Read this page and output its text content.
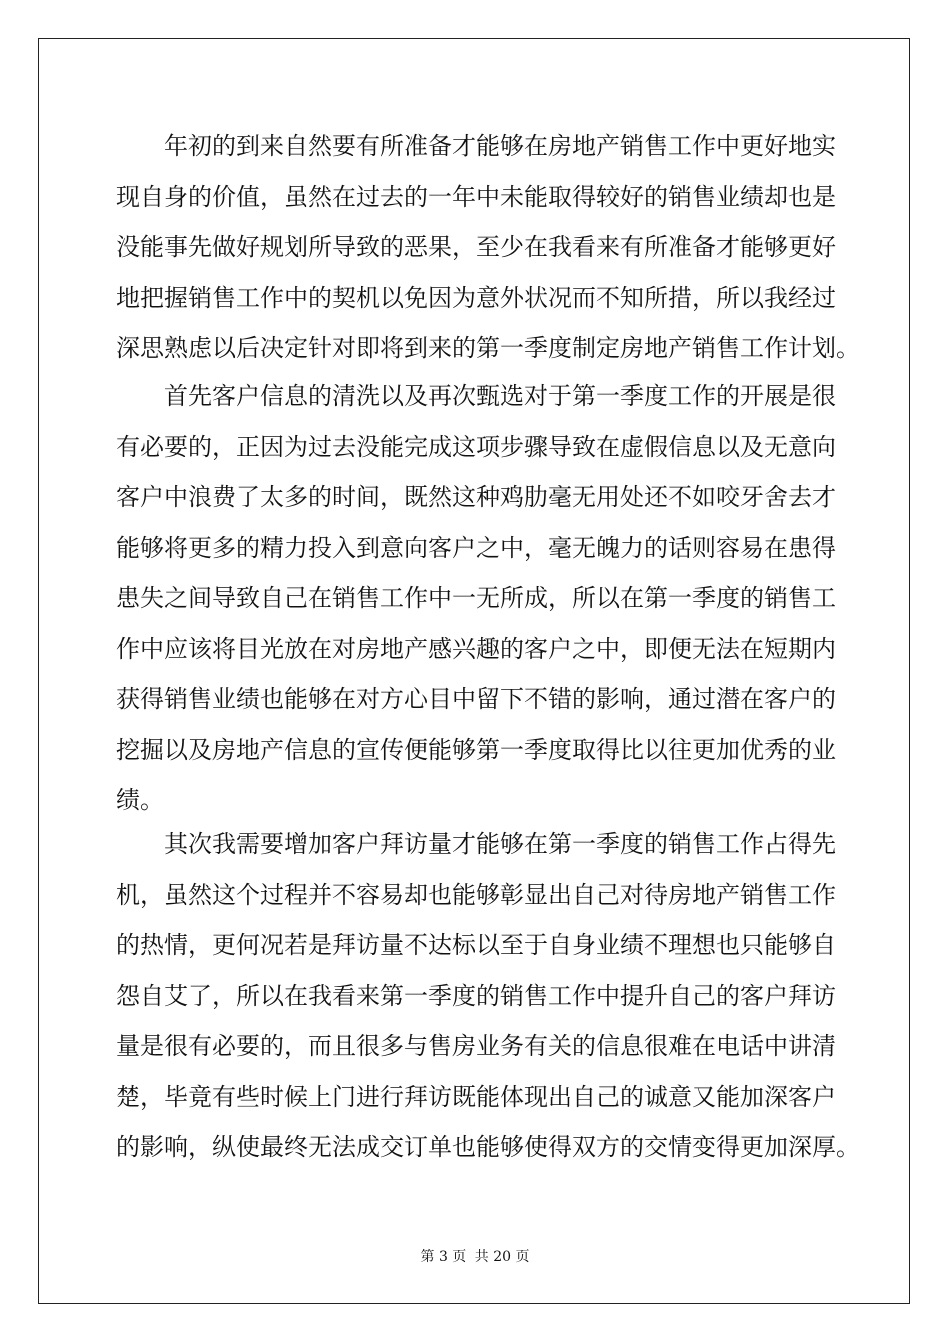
年初的到来自然要有所准备才能够在房地产销售工作中更好地实
现自身的价值，虽然在过去的一年中未能取得较好的销售业绩却也是
没能事先做好规划所导致的恶果，至少在我看来有所准备才能够更好
地把握销售工作中的契机以免因为意外状况而不知所措，所以我经过
深思熟虑以后决定针对即将到来的第一季度制定房地产销售工作计划。
首先客户信息的清洗以及再次甄选对于第一季度工作的开展是很
有必要的，正因为过去没能完成这项步骤导致在虚假信息以及无意向
客户中浪费了太多的时间，既然这种鸡肋毫无用处还不如咬牙舍去才
能够将更多的精力投入到意向客户之中，毫无魄力的话则容易在患得
患失之间导致自己在销售工作中一无所成，所以在第一季度的销售工
作中应该将目光放在对房地产感兴趣的客户之中，即便无法在短期内
获得销售业绩也能够在对方心目中留下不错的影响，通过潜在客户的
挖掘以及房地产信息的宣传便能够第一季度取得比以往更加优秀的业
绩。
其次我需要增加客户拜访量才能够在第一季度的销售工作占得先
机，虽然这个过程并不容易却也能够彰显出自己对待房地产销售工作
的热情，更何况若是拜访量不达标以至于自身业绩不理想也只能够自
怨自艾了，所以在我看来第一季度的销售工作中提升自己的客户拜访
量是很有必要的，而且很多与售房业务有关的信息很难在电话中讲清
楚，毕竟有些时候上门进行拜访既能体现出自己的诚意又能加深客户
的影响，纵使最终无法成交订单也能够使得双方的交情变得更加深厚。
第 3 页 共 20 页
